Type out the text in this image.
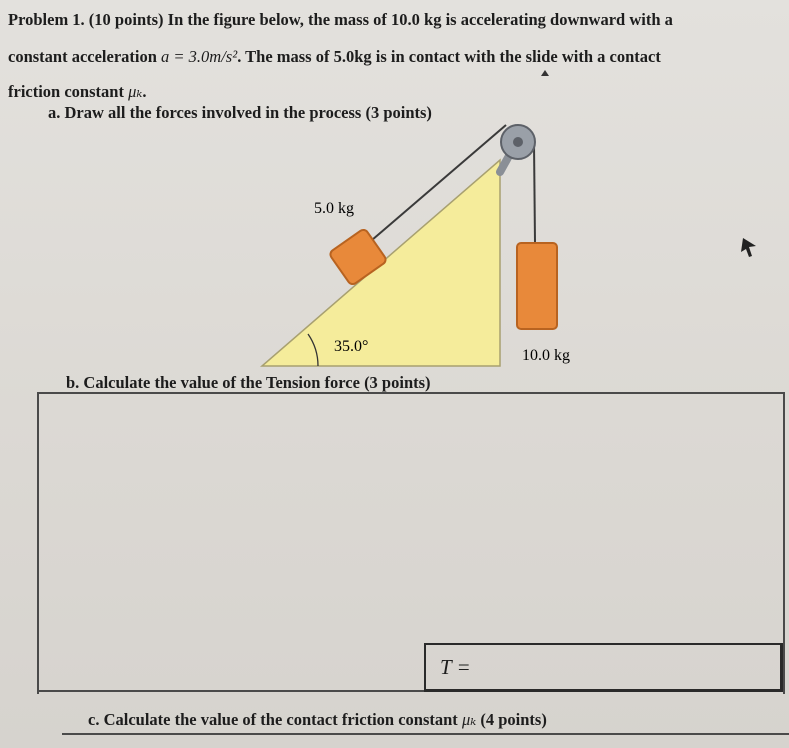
Problem 1. (10 points) In the figure below, the mass of 10.0 kg is accelerating downward with a
constant acceleration a = 3.0m/s². The mass of 5.0kg is in contact with the slide with a contact
friction constant μₖ.
a. Draw all the forces involved in the process (3 points)
5.0 kg
35.0°
10.0 kg
b. Calculate the value of the Tension force (3 points)
T =
c. Calculate the value of the contact friction constant μₖ (4 points)
